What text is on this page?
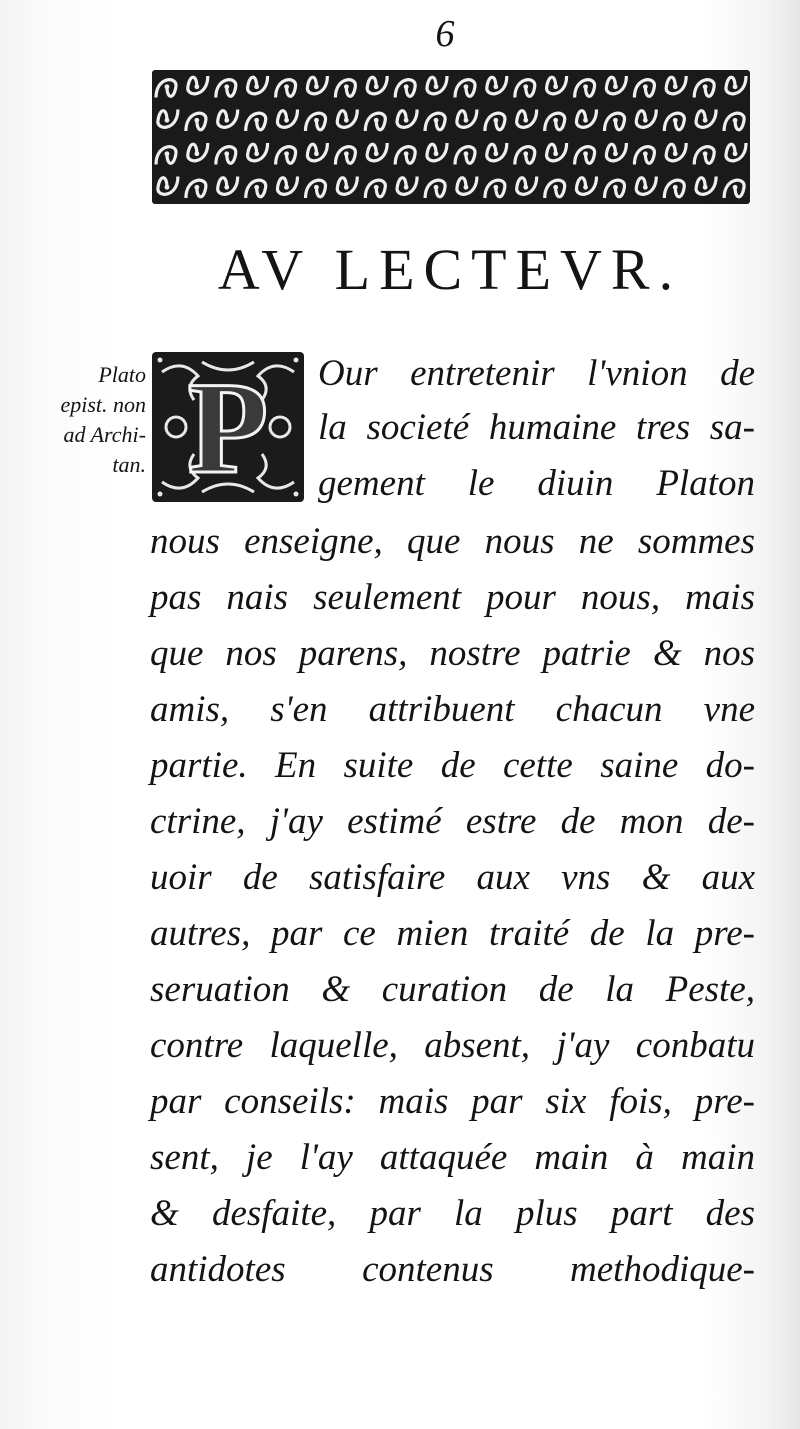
6
AV LECTEVR.
Plato
epist. non
ad Archi-
tan. P	Our entretenir l'vnion de
la societé humaine tres sa-
gement le diuin Platon
nous enseigne, que nous ne sommes
pas nais seulement pour nous, mais
que nos parens, nostre patrie & nos
amis, s'en attribuent chacun vne
partie. En suite de cette saine do-
ctrine, j'ay estimé estre de mon de-
uoir de satisfaire aux vns & aux
autres, par ce mien traité de la pre-
seruation & curation de la Peste,
contre laquelle, absent, j'ay conbatu
par conseils: mais par six fois, pre-
sent, je l'ay attaquée main à main
& desfaite, par la plus part des
antidotes contenus methodique-
